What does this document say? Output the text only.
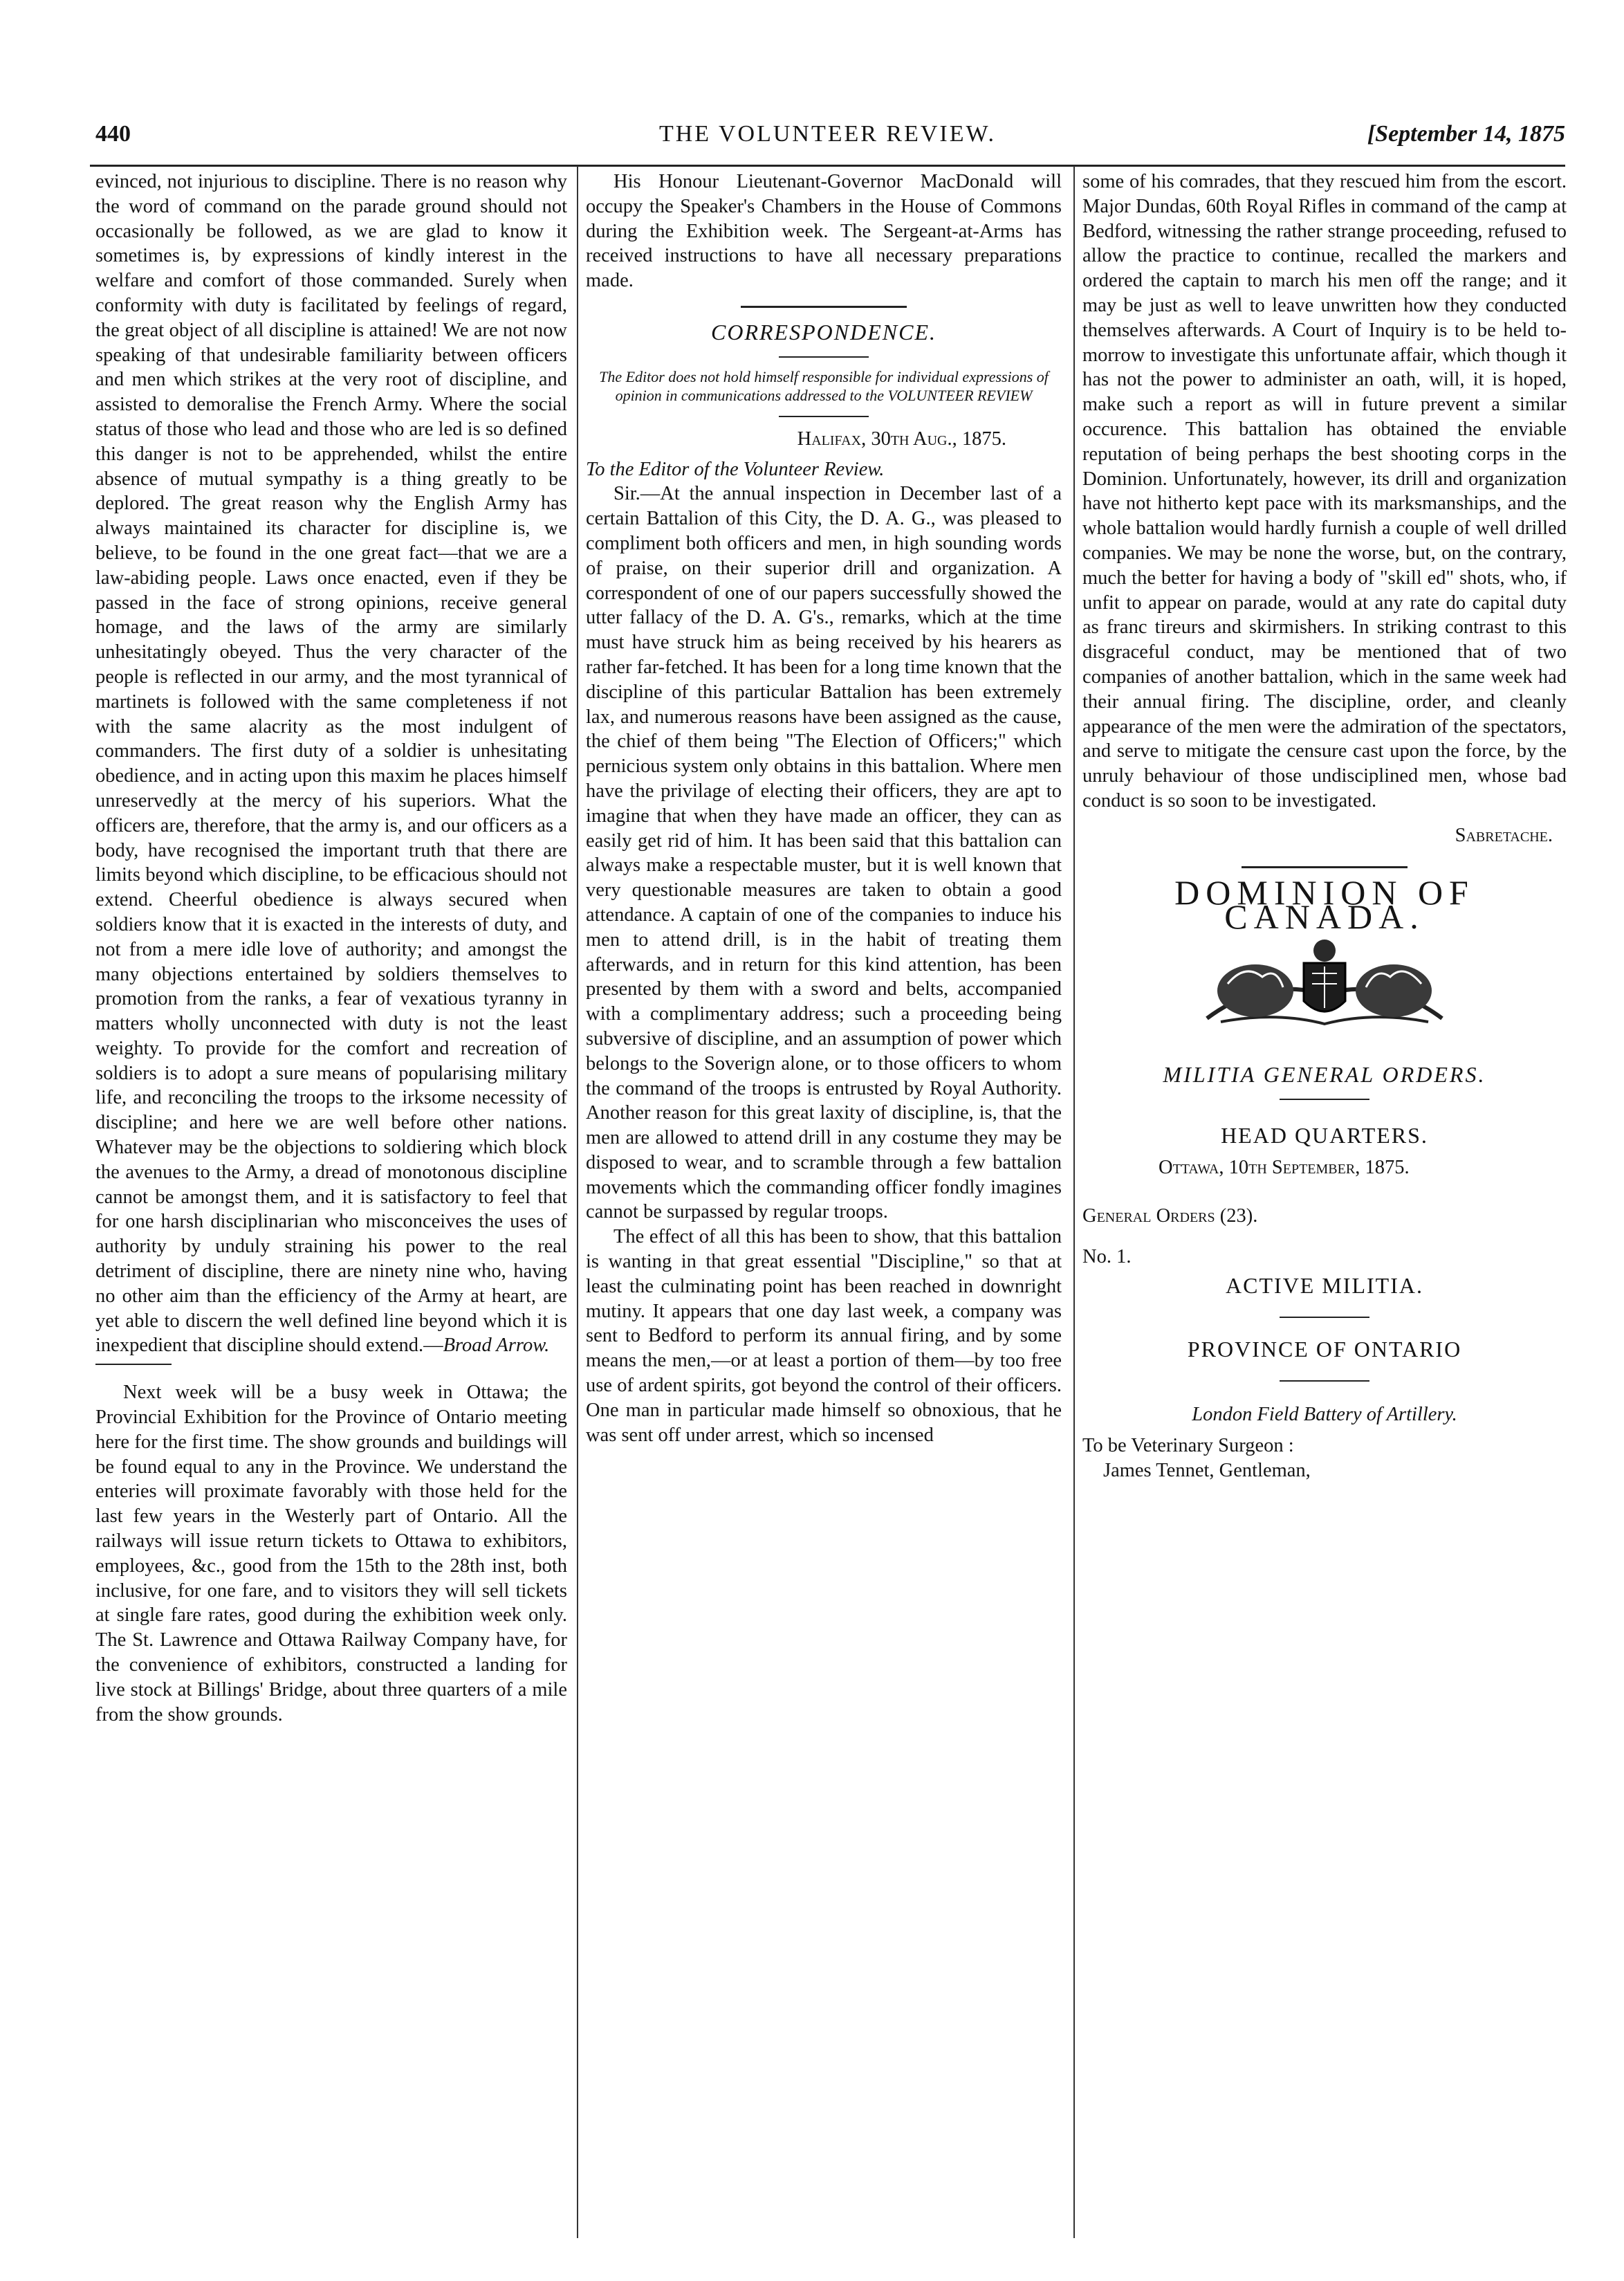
440	THE VOLUNTEER REVIEW.	[September 14, 1875

evinced, not injurious to discipline. There is no reason why the word of command on the parade ground should not occasionally be followed, as we are glad to know it sometimes is, by expressions of kindly interest in the welfare and comfort of those commanded. Surely when conformity with duty is facilitated by feelings of regard, the great object of all discipline is attained! We are not now speaking of that undesirable familiarity between officers and men which strikes at the very root of discipline, and assisted to demoralise the French Army. Where the social status of those who lead and those who are led is so defined this danger is not to be apprehended, whilst the entire absence of mutual sympathy is a thing greatly to be deplored. The great reason why the English Army has always maintained its character for discipline is, we believe, to be found in the one great fact—that we are a law-abiding people. Laws once enacted, even if they be passed in the face of strong opinions, receive general homage, and the laws of the army are similarly unhesitatingly obeyed. Thus the very character of the people is reflected in our army, and the most tyrannical of martinets is followed with the same completeness if not with the same alacrity as the most indulgent of commanders. The first duty of a soldier is unhesitating obedience, and in acting upon this maxim he places himself unreservedly at the mercy of his superiors. What the officers are, therefore, that the army is, and our officers as a body, have recognised the important truth that there are limits beyond which discipline, to be efficacious should not extend. Cheerful obedience is always secured when soldiers know that it is exacted in the interests of duty, and not from a mere idle love of authority; and amongst the many objections entertained by soldiers themselves to promotion from the ranks, a fear of vexatious tyranny in matters wholly unconnected with duty is not the least weighty. To provide for the comfort and recreation of soldiers is to adopt a sure means of popularising military life, and reconciling the troops to the irksome necessity of discipline; and here we are well before other nations. Whatever may be the objections to soldiering which block the avenues to the Army, a dread of monotonous discipline cannot be amongst them, and it is satisfactory to feel that for one harsh disciplinarian who misconceives the uses of authority by unduly straining his power to the real detriment of discipline, there are ninety nine who, having no other aim than the efficiency of the Army at heart, are yet able to discern the well defined line beyond which it is inexpedient that discipline should extend.—Broad Arrow.

Next week will be a busy week in Ottawa; the Provincial Exhibition for the Province of Ontario meeting here for the first time. The show grounds and buildings will be found equal to any in the Province. We understand the enteries will proximate favorably with those held for the last few years in the Westerly part of Ontario. All the railways will issue return tickets to Ottawa to exhibitors, employees, &c., good from the 15th to the 28th inst, both inclusive, for one fare, and to visitors they will sell tickets at single fare rates, good during the exhibition week only. The St. Lawrence and Ottawa Railway Company have, for the convenience of exhibitors, constructed a landing for live stock at Billings' Bridge, about three quarters of a mile from the show grounds.

His Honour Lieutenant-Governor MacDonald will occupy the Speaker's Chambers in the House of Commons during the Exhibition week. The Sergeant-at-Arms has received instructions to have all necessary preparations made.

CORRESPONDENCE.

The Editor does not hold himself responsible for individual expressions of opinion in communications addressed to the VOLUNTEER REVIEW

Halifax, 30th Aug., 1875.

To the Editor of the Volunteer Review.

Sir.—At the annual inspection in December last of a certain Battalion of this City, the D. A. G., was pleased to compliment both officers and men, in high sounding words of praise, on their superior drill and organization. A correspondent of one of our papers successfully showed the utter fallacy of the D. A. G's., remarks, which at the time must have struck him as being received by his hearers as rather far-fetched. It has been for a long time known that the discipline of this particular Battalion has been extremely lax, and numerous reasons have been assigned as the cause, the chief of them being "The Election of Officers;" which pernicious system only obtains in this battalion. Where men have the privilage of electing their officers, they are apt to imagine that when they have made an officer, they can as easily get rid of him. It has been said that this battalion can always make a respectable muster, but it is well known that very questionable measures are taken to obtain a good attendance. A captain of one of the companies to induce his men to attend drill, is in the habit of treating them afterwards, and in return for this kind attention, has been presented by them with a sword and belts, accompanied with a complimentary address; such a proceeding being subversive of discipline, and an assumption of power which belongs to the Soverign alone, or to those officers to whom the command of the troops is entrusted by Royal Authority. Another reason for this great laxity of discipline, is, that the men are allowed to attend drill in any costume they may be disposed to wear, and to scramble through a few battalion movements which the commanding officer fondly imagines cannot be surpassed by regular troops.

The effect of all this has been to show, that this battalion is wanting in that great essential "Discipline," so that at least the culminating point has been reached in downright mutiny. It appears that one day last week, a company was sent to Bedford to perform its annual firing, and by some means the men,—or at least a portion of them—by too free use of ardent spirits, got beyond the control of their officers. One man in particular made himself so obnoxious, that he was sent off under arrest, which so incensed

some of his comrades, that they rescued him from the escort. Major Dundas, 60th Royal Rifles in command of the camp at Bedford, witnessing the rather strange proceeding, refused to allow the practice to continue, recalled the markers and ordered the captain to march his men off the range; and it may be just as well to leave unwritten how they conducted themselves afterwards. A Court of Inquiry is to be held to-morrow to investigate this unfortunate affair, which though it has not the power to administer an oath, will, it is hoped, make such a report as will in future prevent a similar occurence. This battalion has obtained the enviable reputation of being perhaps the best shooting corps in the Dominion. Unfortunately, however, its drill and organization have not hitherto kept pace with its marksmanships, and the whole battalion would hardly furnish a couple of well drilled companies. We may be none the worse, but, on the contrary, much the better for having a body of "skill ed" shots, who, if unfit to appear on parade, would at any rate do capital duty as franc tireurs and skirmishers. In striking contrast to this disgraceful conduct, may be mentioned that of two companies of another battalion, which in the same week had their annual firing. The discipline, order, and cleanly appearance of the men were the admiration of the spectators, and serve to mitigate the censure cast upon the force, by the unruly behaviour of those undisciplined men, whose bad conduct is so soon to be investigated.

Sabretache.

DOMINION OF CANADA.
MILITIA GENERAL ORDERS.
HEAD QUARTERS.

Ottawa, 10th September, 1875.

General Orders (23).

No. 1.

ACTIVE MILITIA.
PROVINCE OF ONTARIO

London Field Battery of Artillery.

To be Veterinary Surgeon :

James Tennet, Gentleman,
